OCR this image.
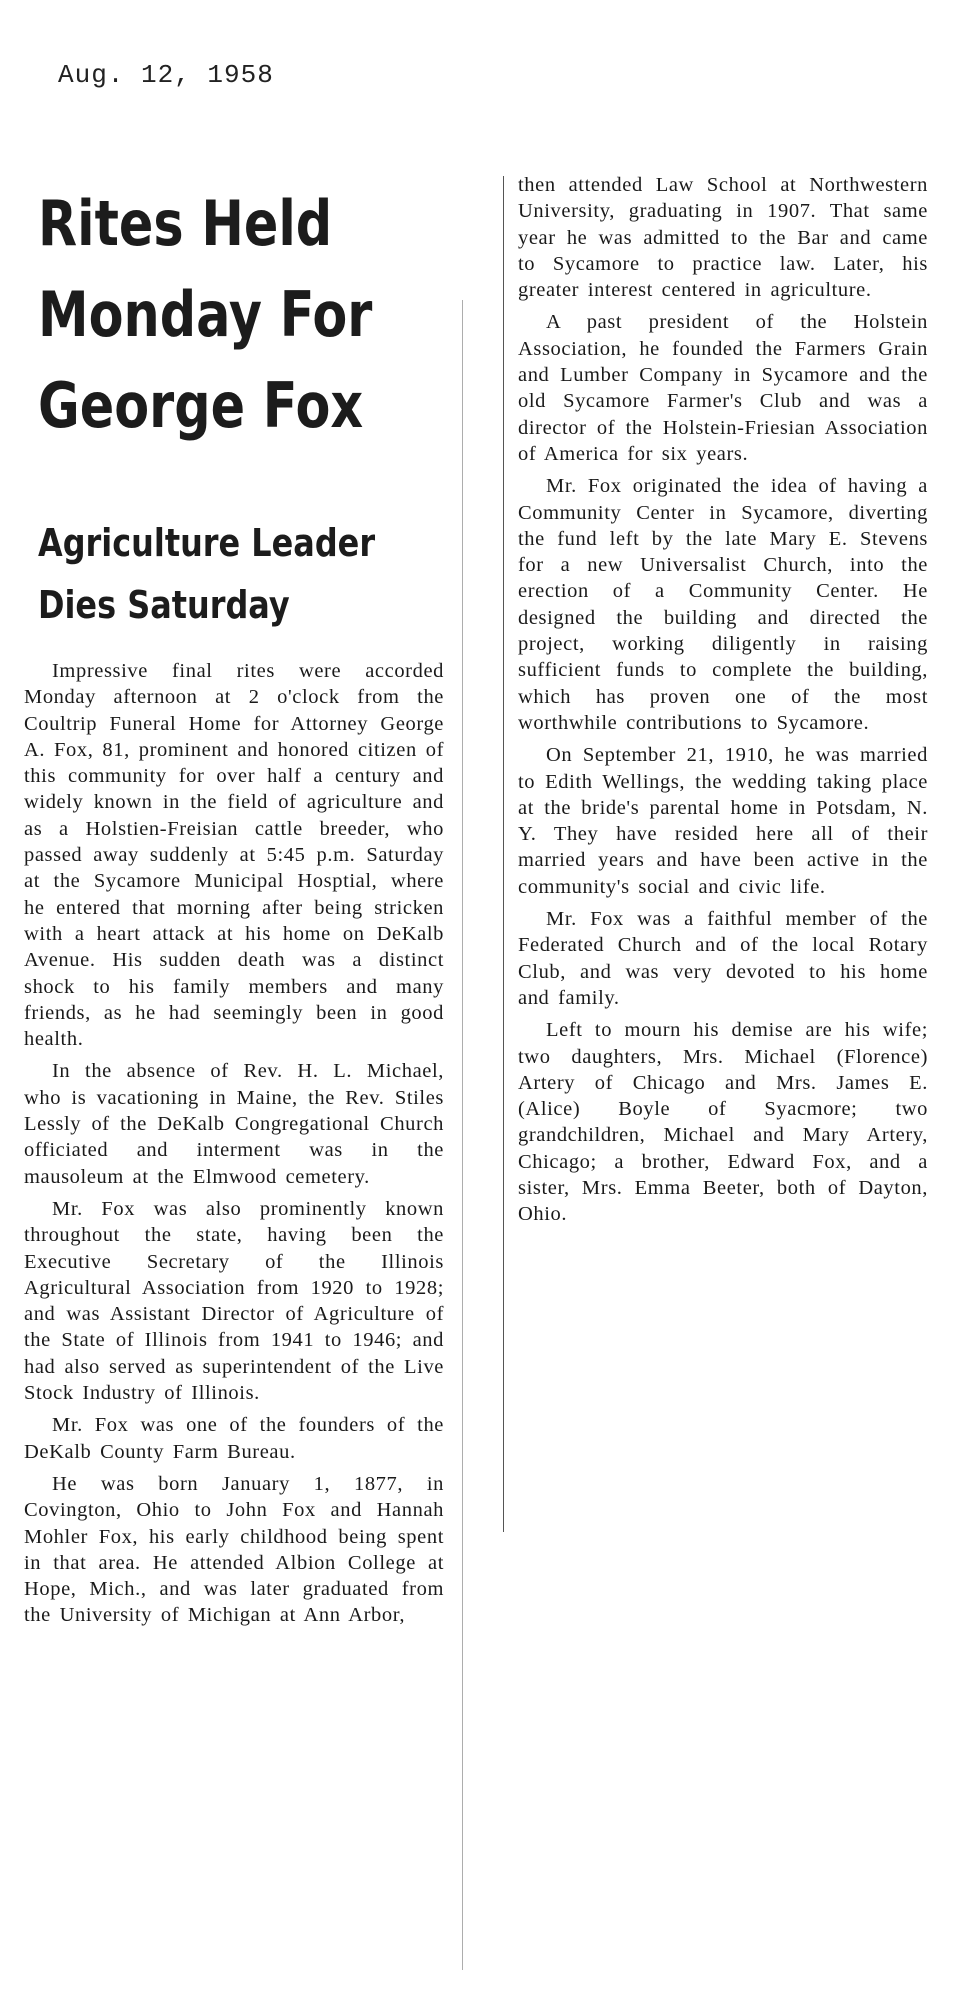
Aug. 12, 1958
Rites Held Monday For George Fox
Agriculture Leader Dies Saturday

Impressive final rites were accorded Monday afternoon at 2 o'clock from the Coultrip Funeral Home for Attorney George A. Fox, 81, prominent and honored citizen of this community for over half a century and widely known in the field of agriculture and as a Holstien-Freisian cattle breeder, who passed away suddenly at 5:45 p.m. Saturday at the Sycamore Municipal Hosptial, where he entered that morning after being stricken with a heart attack at his home on DeKalb Avenue. His sudden death was a distinct shock to his family members and many friends, as he had seemingly been in good health.

In the absence of Rev. H. L. Michael, who is vacationing in Maine, the Rev. Stiles Lessly of the DeKalb Congregational Church officiated and interment was in the mausoleum at the Elmwood cemetery.

Mr. Fox was also prominently known throughout the state, having been the Executive Secretary of the Illinois Agricultural Association from 1920 to 1928; and was Assistant Director of Agriculture of the State of Illinois from 1941 to 1946; and had also served as superintendent of the Live Stock Industry of Illinois.

Mr. Fox was one of the founders of the DeKalb County Farm Bureau.

He was born January 1, 1877, in Covington, Ohio to John Fox and Hannah Mohler Fox, his early childhood being spent in that area. He attended Albion College at Hope, Mich., and was later graduated from the University of Michigan at Ann Arbor,

then attended Law School at Northwestern University, graduating in 1907. That same year he was admitted to the Bar and came to Sycamore to practice law. Later, his greater interest centered in agriculture.

A past president of the Holstein Association, he founded the Farmers Grain and Lumber Company in Sycamore and the old Sycamore Farmer's Club and was a director of the Holstein-Friesian Association of America for six years.

Mr. Fox originated the idea of having a Community Center in Sycamore, diverting the fund left by the late Mary E. Stevens for a new Universalist Church, into the erection of a Community Center. He designed the building and directed the project, working diligently in raising sufficient funds to complete the building, which has proven one of the most worthwhile contributions to Sycamore.

On September 21, 1910, he was married to Edith Wellings, the wedding taking place at the bride's parental home in Potsdam, N. Y. They have resided here all of their married years and have been active in the community's social and civic life.

Mr. Fox was a faithful member of the Federated Church and of the local Rotary Club, and was very devoted to his home and family.

Left to mourn his demise are his wife; two daughters, Mrs. Michael (Florence) Artery of Chicago and Mrs. James E. (Alice) Boyle of Syacmore; two grandchildren, Michael and Mary Artery, Chicago; a brother, Edward Fox, and a sister, Mrs. Emma Beeter, both of Dayton, Ohio.
